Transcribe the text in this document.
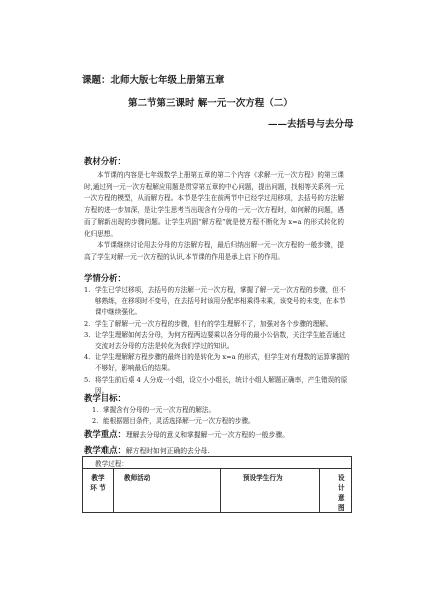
课题：北师大版七年级上册第五章
第二节第三课时 解一元一次方程（二）
——去括号与去分母
教材分析：

本节课的内容是七年级数学上册第五章的第二个内容《求解一元一次方程》的第三课时,通过列一元一次方程解应用题是贯穿第五章的中心问题，提出问题，找相等关系列一元一次方程的模型，从而解方程。本节是学生在前两节中已经学过用移项，去括号的方法解方程的进一步加深，是让学生思考当出现含有分母的一元一次方程时，如何解的问题，遇而了解新出现的步骤问题。让学生巩固“解方程”就是使方程不断化为 x=a 的形式转化的化归思想。

本节课继续讨论用去分母的方法解方程，最后归纳出解一元一次方程的一般步骤，提高了学生对解一元一次方程的认识,本节课的作用是承上启下的作用。

学情分析：
1. 学生已学过移项，去括号的方法解一元一次方程，掌握了解一元一次方程的步骤，但不够熟练，在移项时不变号，在去括号时该用分配率相乘得未乘，该变号的未变，在本节课中继续强化。
2. 学生了解解一元一次方程的步骤，但有的学生理解不了，加强对各个步骤的理解。
3. 让学生理解如何去分母，为何方程两边要乘以各分母的最小公倍数，关注学生能否通过交流对去分母的方法是转化为我们学过的知识。
4. 让学生理解解方程步骤的最终目的是转化为 x=a 的形式，但学生对有理数的运算掌握的不够好，影响最后的结果。
5. 将学生前后桌 4 人分成一小组，设立小小组长，统计小组人解题正确率，产生错误的原因。
教学目标：
1. 掌握含有分母的一元一次方程的解法。
2. 能根据题目条件，灵活选择解一元一次方程的步骤。
教学重点：理解去分母的意义和掌握解一元一次方程的一般步骤。
教学难点：解方程时如何正确的去分母.
教学过程：

教学
环 节
	教师活动	预设学生行为	设计意图
